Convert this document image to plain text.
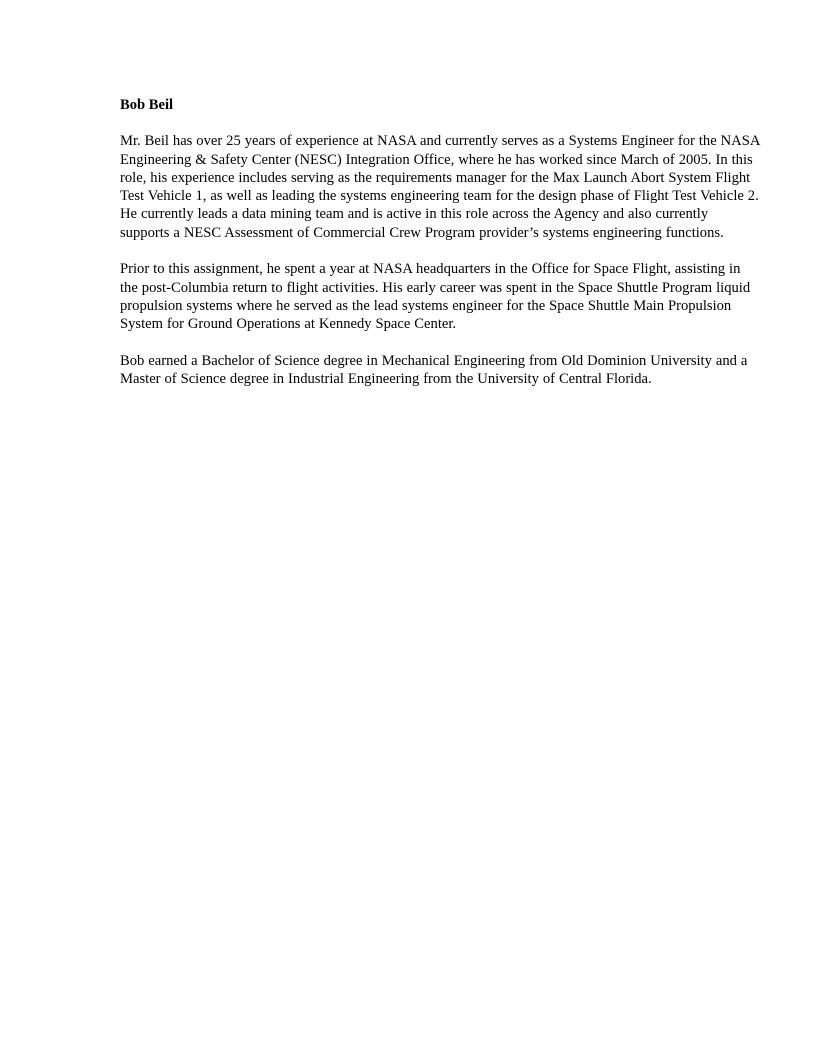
Bob Beil

Mr. Beil has over 25 years of experience at NASA and currently serves as a Systems Engineer for the NASA Engineering & Safety Center (NESC) Integration Office, where he has worked since March of 2005. In this role, his experience includes serving as the requirements manager for the Max Launch Abort System Flight Test Vehicle 1, as well as leading the systems engineering team for the design phase of Flight Test Vehicle 2. He currently leads a data mining team and is active in this role across the Agency and also currently supports a NESC Assessment of Commercial Crew Program provider’s systems engineering functions.

Prior to this assignment, he spent a year at NASA headquarters in the Office for Space Flight, assisting in the post-Columbia return to flight activities. His early career was spent in the Space Shuttle Program liquid propulsion systems where he served as the lead systems engineer for the Space Shuttle Main Propulsion System for Ground Operations at Kennedy Space Center.

Bob earned a Bachelor of Science degree in Mechanical Engineering from Old Dominion University and a Master of Science degree in Industrial Engineering from the University of Central Florida.
